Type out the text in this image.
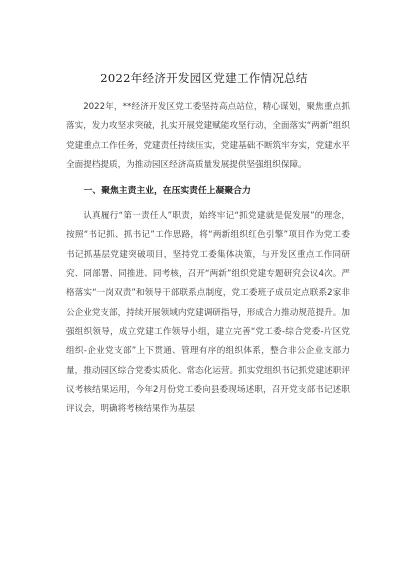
2022年经济开发园区党建工作情况总结

2022年，**经济开发区党工委坚持高点站位，精心谋划，聚焦重点抓落实，发力攻坚求突破，扎实开展党建赋能攻坚行动，全面落实“两新”组织党建重点工作任务，党建责任持续压实，党建基础不断筑牢夯实，党建水平全面提档提质，为推动园区经济高质量发展提供坚强组织保障。

一、聚焦主责主业，在压实责任上凝聚合力

认真履行“第一责任人”职责，始终牢记“抓党建就是促发展”的理念，按照“书记抓、抓书记”工作思路，将“两新组织红色引擎”项目作为党工委书记抓基层党建突破项目，坚持党工委集体决策，与开发区重点工作同研究、同部署、同推进、同考核，召开“两新”组织党建专题研究会议4次。严格落实“一岗双责”和领导干部联系点制度，党工委班子成员定点联系2家非公企业党支部，持续开展领域内党建调研指导，形成合力推动规范提升。加强组织领导，成立党建工作领导小组，建立完善“党工委-综合党委-片区党组织-企业党支部”上下贯通、管理有序的组织体系，整合非公企业支部力量，推动园区综合党委实质化、常态化运营。抓实党组织书记抓党建述职评议考核结果运用，今年2月份党工委向县委现场述职，召开党支部书记述职评议会，明确将考核结果作为基层
